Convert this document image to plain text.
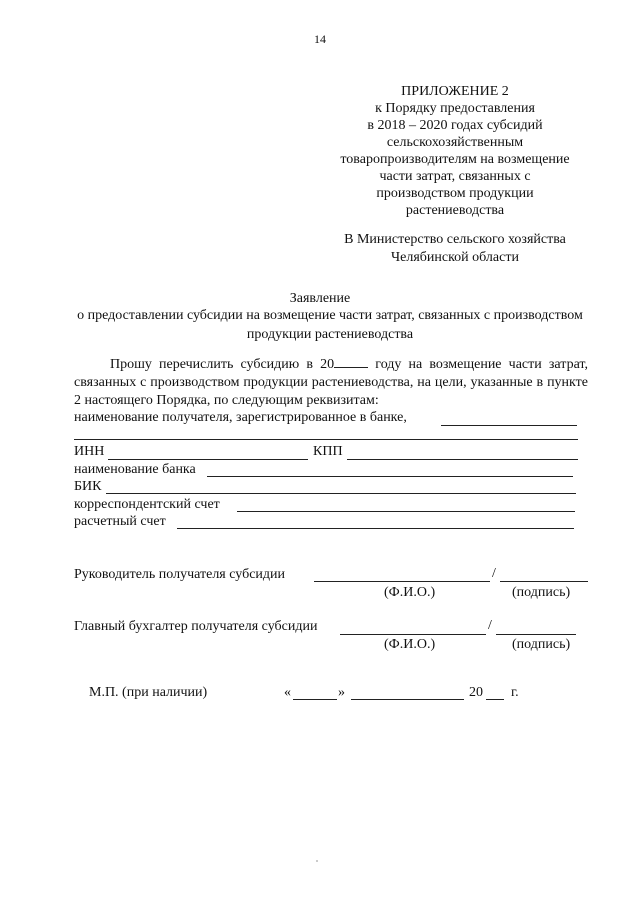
14
ПРИЛОЖЕНИЕ 2
к Порядку предоставления
в 2018 – 2020 годах субсидий
сельскохозяйственным
товаропроизводителям на возмещение
части затрат, связанных с
производством продукции
растениеводства
В Министерство сельского хозяйства
Челябинской области
Заявление
о предоставлении субсидии на возмещение части затрат, связанных с производством продукции растениеводства
Прошу перечислить субсидию в 20	году на возмещение части затрат, связанных с производством продукции растениеводства, на цели, указанные в пункте 2 настоящего Порядка, по следующим реквизитам:
наименование получателя, зарегистрированное в банке,
ИНН	КПП
наименование банка
БИК
корреспондентский счет
расчетный счет
Руководитель получателя субсидии	/
(Ф.И.О.)	(подпись)
Главный бухгалтер получателя субсидии	/
(Ф.И.О.)	(подпись)
М.П. (при наличии)	«	»	20 г.
